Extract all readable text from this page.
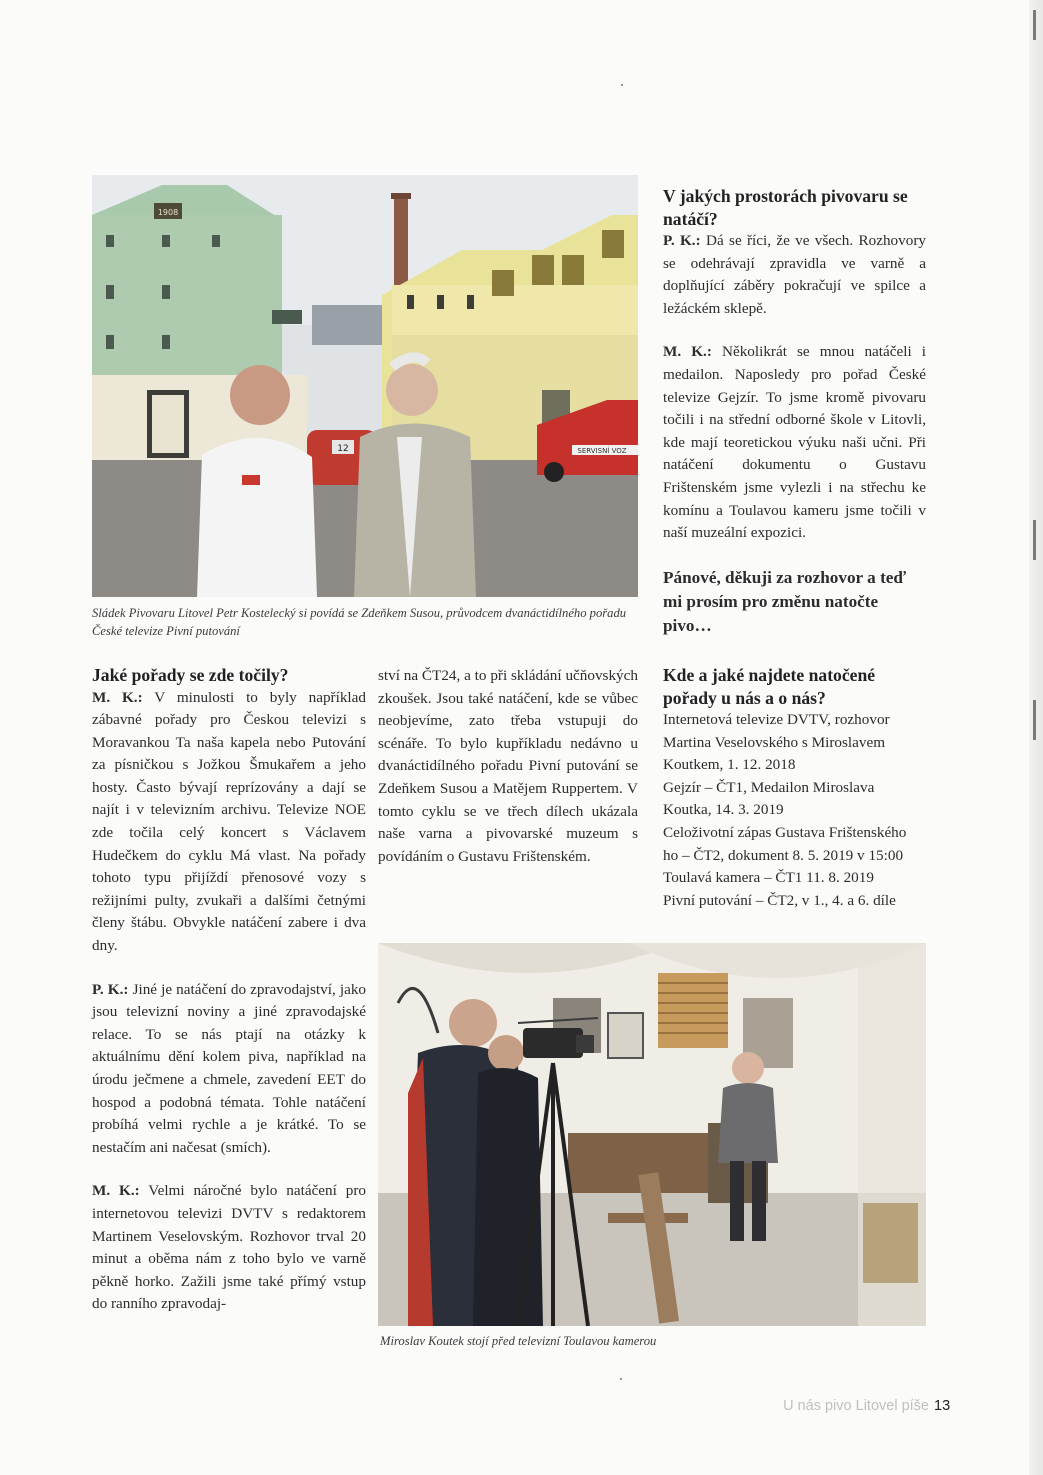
1908
12	SERVISNÍ VOZ
Sládek Pivovaru Litovel Petr Kostelecký si povídá se Zdeňkem Susou, průvodcem dvanáctidílného pořadu České televize Pivní putování

Jaké pořady se zde točily?
M. K.: V minulosti to byly například zábavné pořady pro Českou televizi s Moravankou Ta naša kapela nebo Putování za písničkou s Jožkou Šmukařem a jeho hosty. Často bývají reprízovány a dají se najít i v televizním archivu. Televize NOE zde točila celý koncert s Václavem Hudečkem do cyklu Má vlast. Na pořady tohoto typu přijíždí přenosové vozy s režijními pulty, zvukaři a dalšími četnými členy štábu. Obvykle natáčení zabere i dva dny.

P. K.: Jiné je natáčení do zpravodajství, jako jsou televizní noviny a jiné zpravodajské relace. To se nás ptají na otázky k aktuálnímu dění kolem piva, například na úrodu ječmene a chmele, zavedení EET do hospod a podobná témata. Tohle natáčení probíhá velmi rychle a je krátké. To se nestačím ani načesat (smích).

M. K.: Velmi náročné bylo natáčení pro internetovou televizi DVTV s redaktorem Martinem Veselovským. Rozhovor trval 20 minut a oběma nám z toho bylo ve varně pěkně horko. Zažili jsme také přímý vstup do ranního zpravodaj-

ství na ČT24, a to při skládání učňovských zkoušek. Jsou také natáčení, kde se vůbec neobjevíme, zato třeba vstupuji do scénáře. To bylo kupříkladu nedávno u dvanáctidílného pořadu Pivní putování se Zdeňkem Susou a Matějem Ruppertem. V tomto cyklu se ve třech dílech ukázala naše varna a pivovarské muzeum s povídáním o Gustavu Frištenském.

V jakých prostorách pivovaru se natáčí?
P. K.: Dá se říci, že ve všech. Rozhovory se odehrávají zpravidla ve varně a doplňující záběry pokračují ve spilce a ležáckém sklepě.

M. K.: Několikrát se mnou natáčeli i medailon. Naposledy pro pořad České televize Gejzír. To jsme kromě pivovaru točili i na střední odborné škole v Litovli, kde mají teoretickou výuku naši učni. Při natáčení dokumentu o Gustavu Frištenském jsme vylezli i na střechu ke komínu a Toulavou kameru jsme točili v naší muzeální expozici.

Pánové, děkuji za rozhovor a teď mi prosím pro změnu natočte pivo…

Kde a jaké najdete natočené pořady u nás a o nás?
Internetová televize DVTV, rozhovor
Martina Veselovského s Miroslavem
Koutkem, 1. 12. 2018
Gejzír – ČT1, Medailon Miroslava
Koutka, 14. 3. 2019
Celoživotní zápas Gustava Frištenského
ho – ČT2, dokument 8. 5. 2019 v 15:00
Toulavá kamera – ČT1 11. 8. 2019
Pivní putování – ČT2, v 1., 4. a 6. díle
Miroslav Koutek stojí před televizní Toulavou kamerou
U nás pivo Litovel píše 13
